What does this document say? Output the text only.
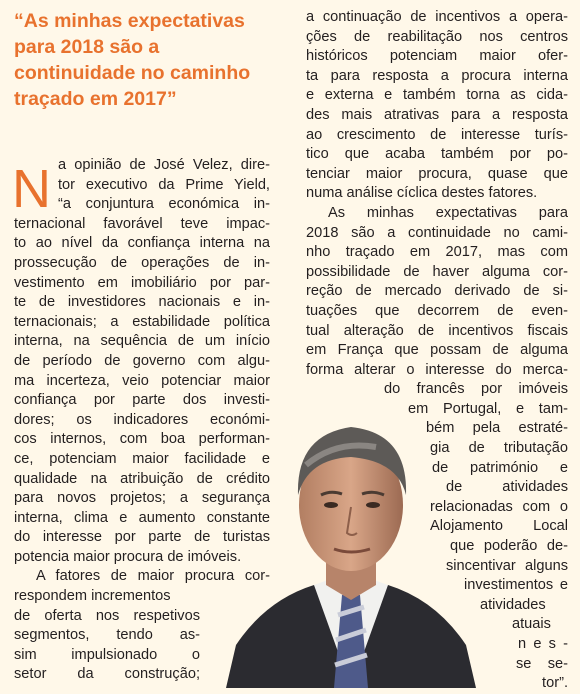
“As minhas expectativas para 2018 são a continuidade no caminho traçado em 2017”
N a opinião de José Velez, dire-
tor executivo da Prime Yield,
“a conjuntura económica in-
ternacional favorável teve impac-
to ao nível da confiança interna na
prossecução de operações de in-
vestimento em imobiliário por par-
te de investidores nacionais e in-
ternacionais; a estabilidade política
interna, na sequência de um início
de período de governo com algu-
ma incerteza, veio potenciar maior
confiança por parte dos investi-
dores; os indicadores económi-
cos internos, com boa performan-
ce, potenciam maior facilidade e
qualidade na atribuição de crédito
para novos projetos; a segurança
interna, clima e aumento constante
do interesse por parte de turistas
potencia maior procura de imóveis.
A fatores de maior procura cor-
respondem incrementos
de oferta nos respetivos
segmentos, tendo as-
sim impulsionado o
setor da construção;
a continuação de incentivos a opera-
ções de reabilitação nos centros
históricos potenciam maior ofer-
ta para resposta a procura interna
e externa e também torna as cida-
des mais atrativas para a resposta
ao crescimento de interesse turís-
tico que acaba também por po-
tenciar maior procura, quase que
numa análise cíclica destes fatores.
As minhas expectativas para
2018 são a continuidade no cami-
nho traçado em 2017, mas com
possibilidade de haver alguma cor-
reção de mercado derivado de si-
tuações que decorrem de even-
tual alteração de incentivos fiscais
em França que possam de alguma
forma alterar o interesse do merca-
do francês por imóveis
em Portugal, e tam-
bém pela estraté-
gia de tributação
de património e
de atividades
relacionadas com o
Alojamento Local
que poderão de-
sincentivar alguns
investimentos e
atividades
atuais
n e s -
se se-
tor”.
